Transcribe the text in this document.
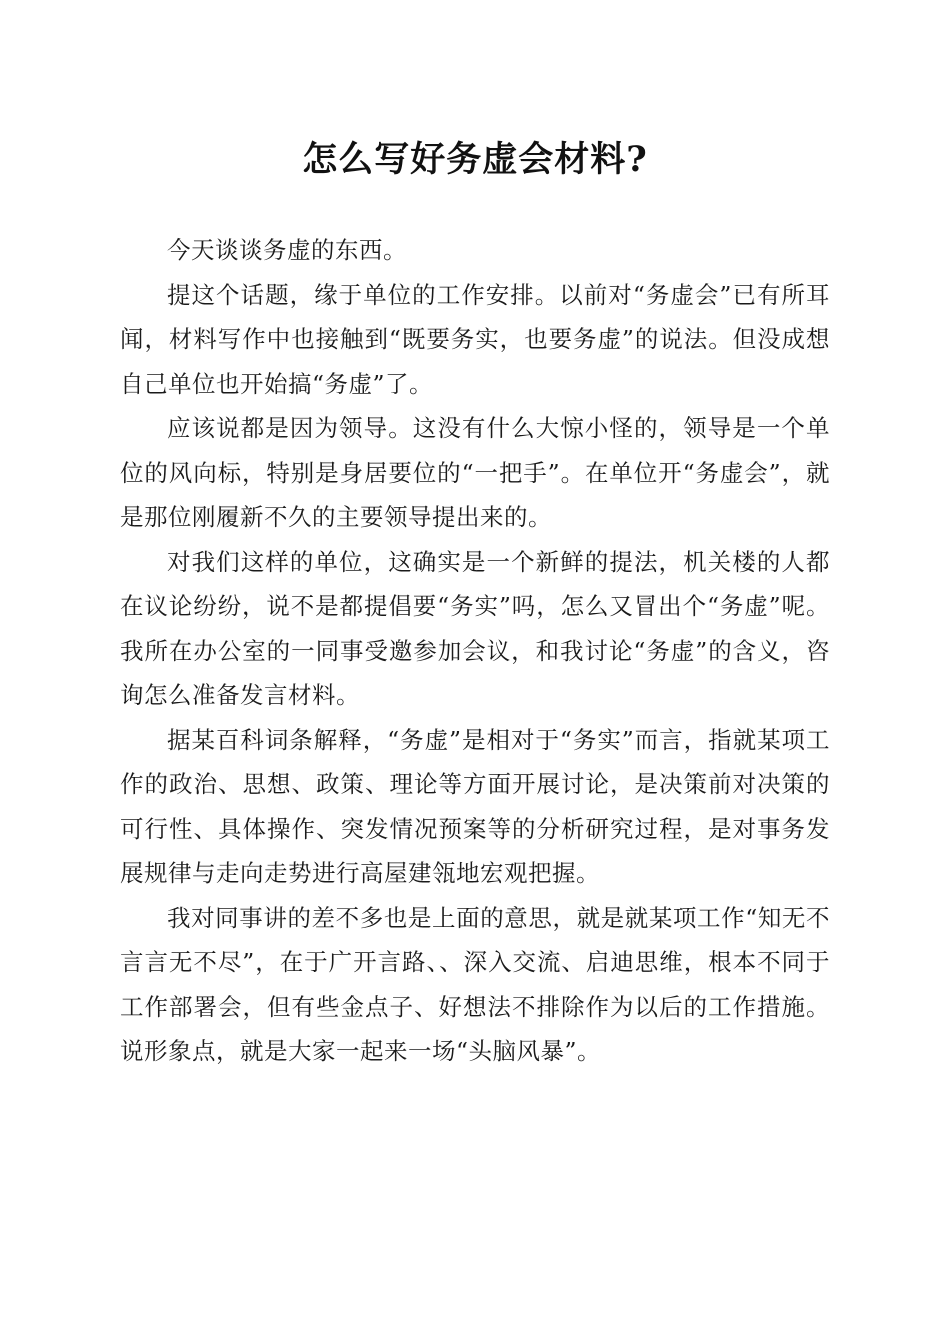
怎么写好务虚会材料?

今天谈谈务虚的东西。

提这个话题，缘于单位的工作安排。以前对“务虚会”已有所耳闻，材料写作中也接触到“既要务实，也要务虚”的说法。但没成想自己单位也开始搞“务虚”了。

应该说都是因为领导。这没有什么大惊小怪的，领导是一个单位的风向标，特别是身居要位的“一把手”。在单位开“务虚会”，就是那位刚履新不久的主要领导提出来的。

对我们这样的单位，这确实是一个新鲜的提法，机关楼的人都在议论纷纷，说不是都提倡要“务实”吗，怎么又冒出个“务虚”呢。我所在办公室的一同事受邀参加会议，和我讨论“务虚”的含义，咨询怎么准备发言材料。

据某百科词条解释，“务虚”是相对于“务实”而言，指就某项工作的政治、思想、政策、理论等方面开展讨论，是决策前对决策的可行性、具体操作、突发情况预案等的分析研究过程，是对事务发展规律与走向走势进行高屋建瓴地宏观把握。

我对同事讲的差不多也是上面的意思，就是就某项工作“知无不言言无不尽”，在于广开言路、、深入交流、启迪思维，根本不同于工作部署会，但有些金点子、好想法不排除作为以后的工作措施。说形象点，就是大家一起来一场“头脑风暴”。
